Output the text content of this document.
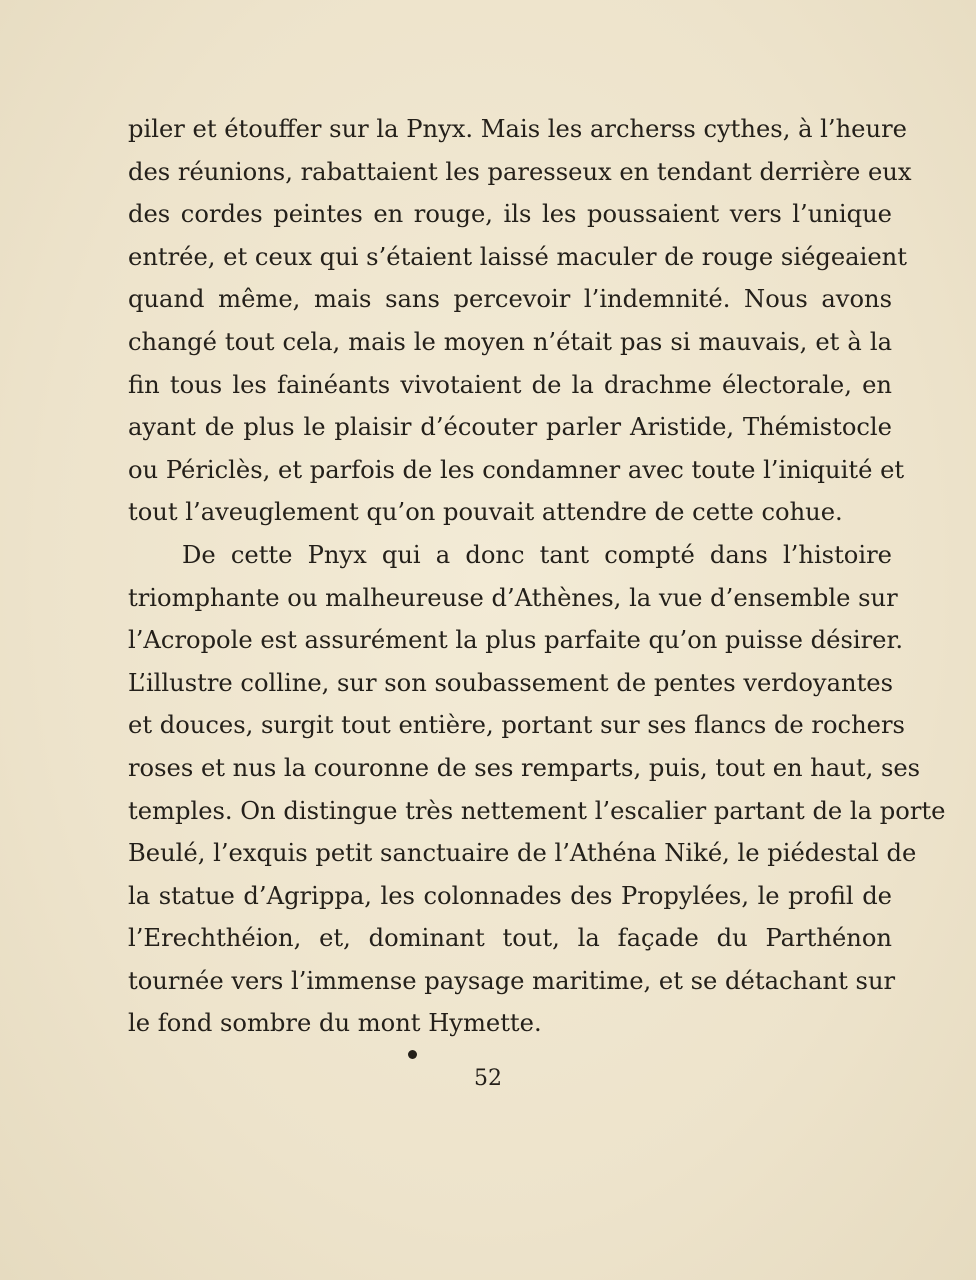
piler et étouffer sur la Pnyx. Mais les archerss cythes, à l’heure
des réunions, rabattaient les paresseux en tendant derrière eux
des cordes peintes en rouge, ils les poussaient vers l’unique
entrée, et ceux qui s’étaient laissé maculer de rouge siégeaient
quand même, mais sans percevoir l’indemnité. Nous avons
changé tout cela, mais le moyen n’était pas si mauvais, et à la
fin tous les fainéants vivotaient de la drachme électorale, en
ayant de plus le plaisir d’écouter parler Aristide, Thémistocle
ou Périclès, et parfois de les condamner avec toute l’iniquité et
tout l’aveuglement qu’on pouvait attendre de cette cohue.
De cette Pnyx qui a donc tant compté dans l’histoire
triomphante ou malheureuse d’Athènes, la vue d’ensemble sur
l’Acropole est assurément la plus parfaite qu’on puisse désirer.
L’illustre colline, sur son soubassement de pentes verdoyantes
et douces, surgit tout entière, portant sur ses flancs de rochers
roses et nus la couronne de ses remparts, puis, tout en haut, ses
temples. On distingue très nettement l’escalier partant de la porte
Beulé, l’exquis petit sanctuaire de l’Athéna Niké, le piédestal de
la statue d’Agrippa, les colonnades des Propylées, le profil de
l’Erechthéion, et, dominant tout, la façade du Parthénon
tournée vers l’immense paysage maritime, et se détachant sur
le fond sombre du mont Hymette.
52
